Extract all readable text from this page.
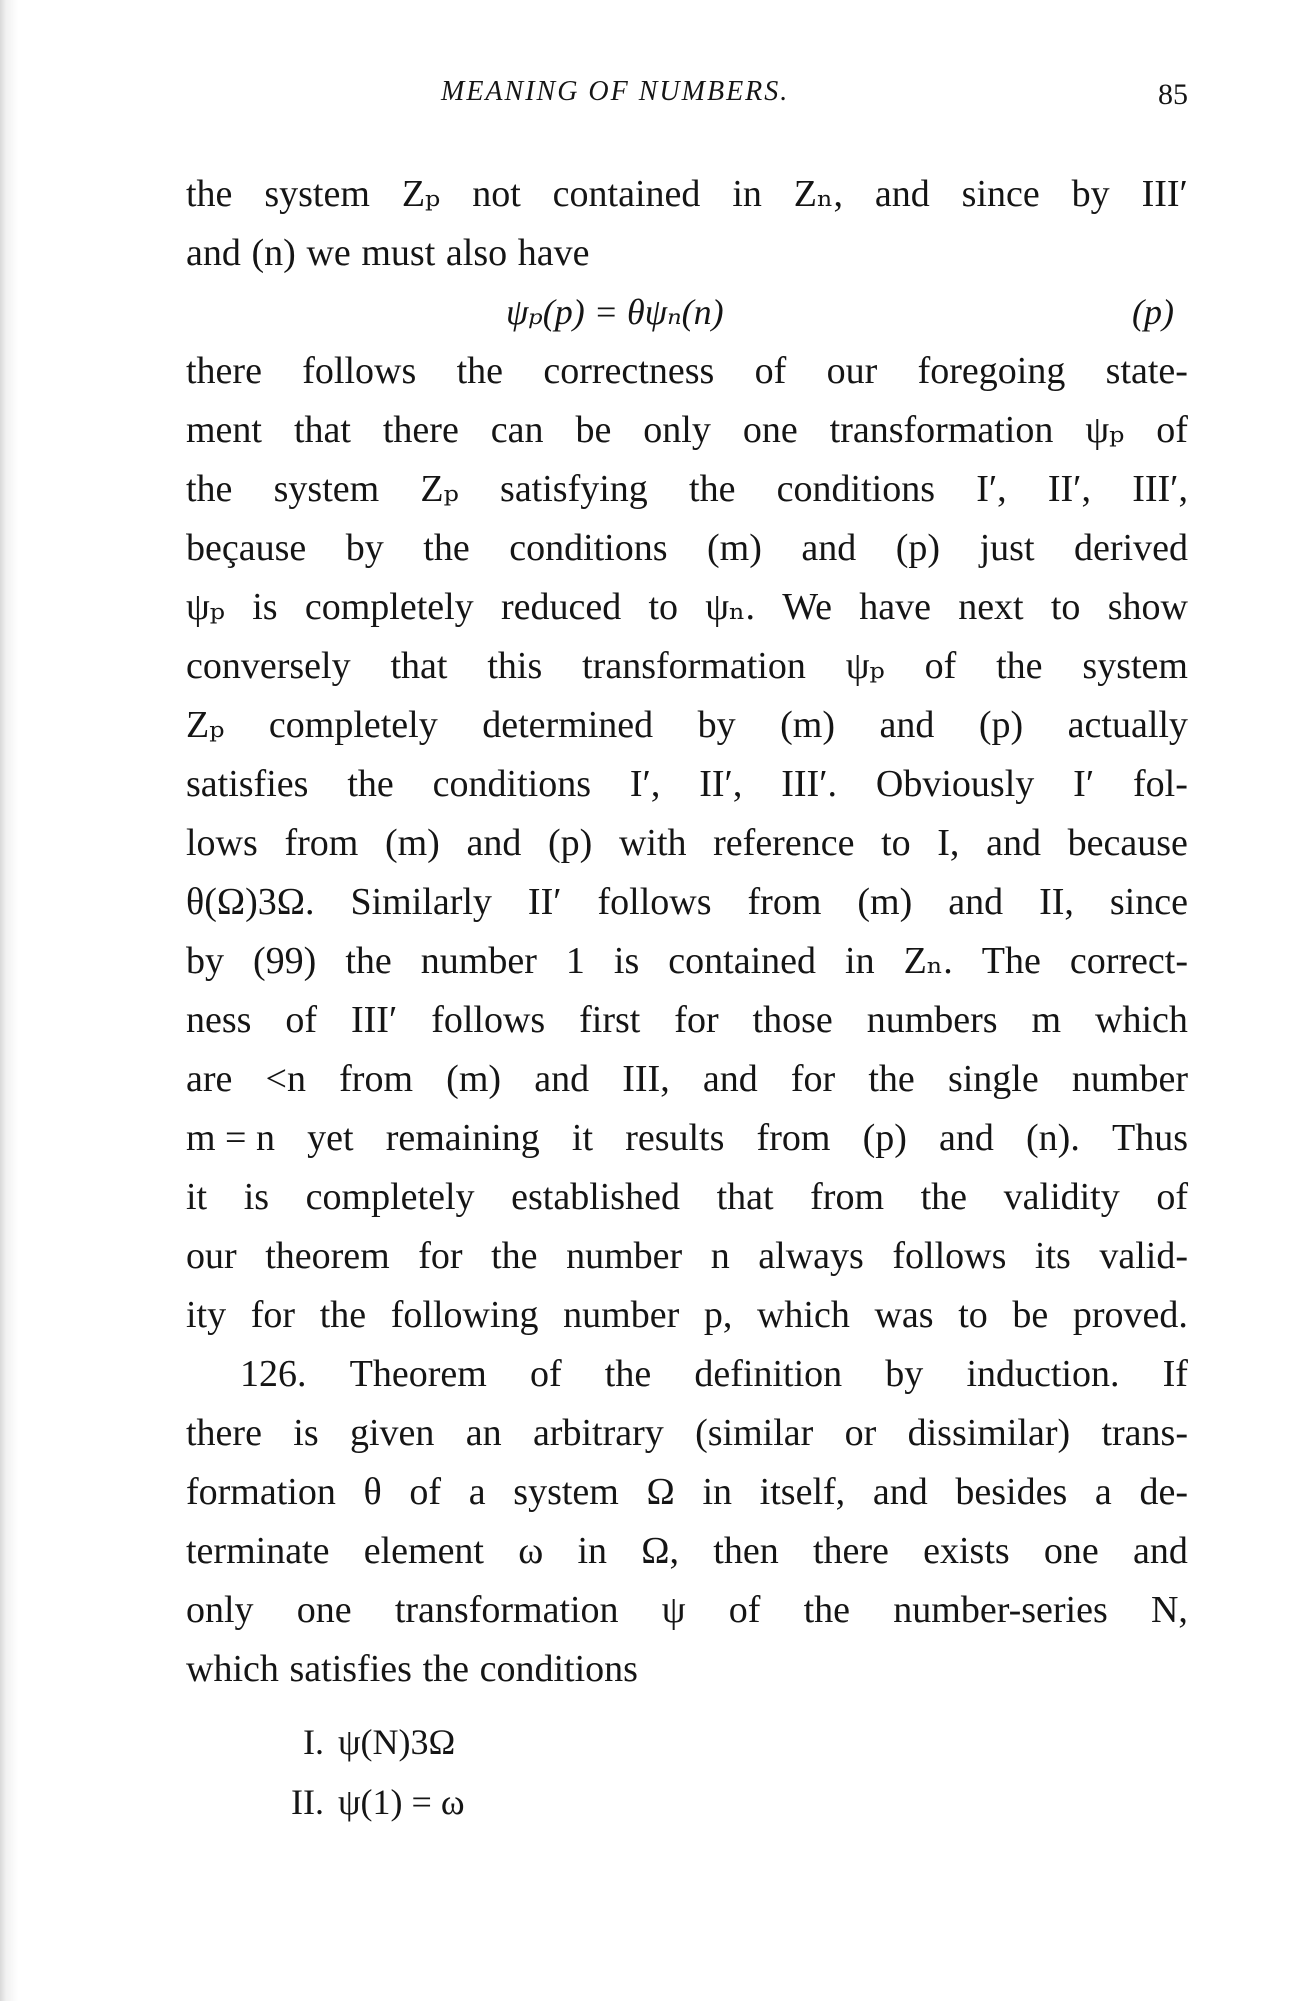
MEANING OF NUMBERS.	85
the system Zₚ not contained in Zₙ, and since by III′
and (n) we must also have
ψₚ(p) = θψₙ(n)	(p)
there follows the correctness of our foregoing state-
ment that there can be only one transformation ψₚ of
the system Zₚ satisfying the conditions I′, II′, III′,
beçause by the conditions (m) and (p) just derived
ψₚ is completely reduced to ψₙ. We have next to show
conversely that this transformation ψₚ of the system
Zₚ completely determined by (m) and (p) actually
satisfies the conditions I′, II′, III′. Obviously I′ fol-
lows from (m) and (p) with reference to I, and because
θ(Ω)3Ω. Similarly II′ follows from (m) and II, since
by (99) the number 1 is contained in Zₙ. The correct-
ness of III′ follows first for those numbers m which
are <n from (m) and III, and for the single number
m = n yet remaining it results from (p) and (n). Thus
it is completely established that from the validity of
our theorem for the number n always follows its valid-
ity for the following number p, which was to be proved.
126. Theorem of the definition by induction. If
there is given an arbitrary (similar or dissimilar) trans-
formation θ of a system Ω in itself, and besides a de-
terminate element ω in Ω, then there exists one and
only one transformation ψ of the number-series N,
which satisfies the conditions
I. ψ(N)3Ω
II. ψ(1) = ω
